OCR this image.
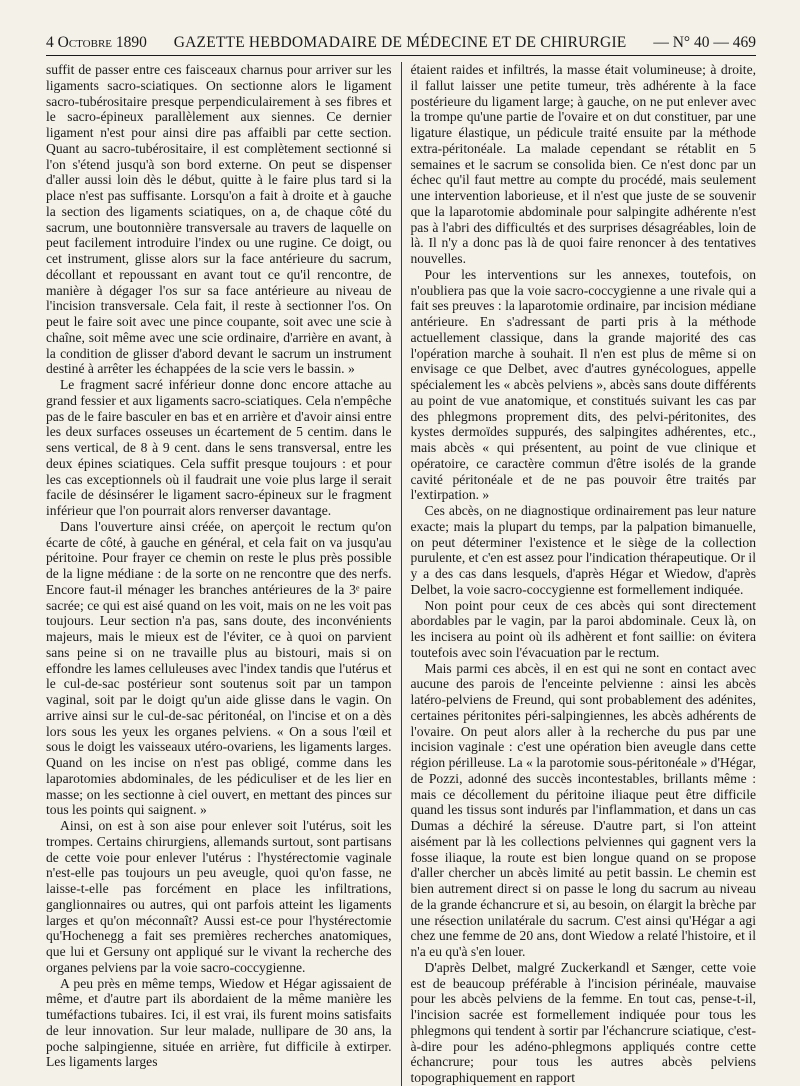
4 Octobre 1890 GAZETTE HEBDOMADAIRE DE MÉDECINE ET DE CHIRURGIE — N° 40 — 469

suffit de passer entre ces faisceaux charnus pour arriver sur les ligaments sacro-sciatiques. On sectionne alors le ligament sacro-tubérositaire presque perpendiculairement à ses fibres et le sacro-épineux parallèlement aux siennes. Ce dernier ligament n'est pour ainsi dire pas affaibli par cette section. Quant au sacro-tubérositaire, il est complètement sectionné si l'on s'étend jusqu'à son bord externe. On peut se dispenser d'aller aussi loin dès le début, quitte à le faire plus tard si la place n'est pas suffisante. Lorsqu'on a fait à droite et à gauche la section des ligaments sciatiques, on a, de chaque côté du sacrum, une boutonnière transversale au travers de laquelle on peut facilement introduire l'index ou une rugine. Ce doigt, ou cet instrument, glisse alors sur la face antérieure du sacrum, décollant et repoussant en avant tout ce qu'il rencontre, de manière à dégager l'os sur sa face antérieure au niveau de l'incision transversale. Cela fait, il reste à sectionner l'os. On peut le faire soit avec une pince coupante, soit avec une scie à chaîne, soit même avec une scie ordinaire, d'arrière en avant, à la condition de glisser d'abord devant le sacrum un instrument destiné à arrêter les échappées de la scie vers le bassin. »

Le fragment sacré inférieur donne donc encore attache au grand fessier et aux ligaments sacro-sciatiques. Cela n'empêche pas de le faire basculer en bas et en arrière et d'avoir ainsi entre les deux surfaces osseuses un écartement de 5 centim. dans le sens vertical, de 8 à 9 cent. dans le sens transversal, entre les deux épines sciatiques. Cela suffit presque toujours : et pour les cas exceptionnels où il faudrait une voie plus large il serait facile de désinsérer le ligament sacro-épineux sur le fragment inférieur que l'on pourrait alors renverser davantage.

Dans l'ouverture ainsi créée, on aperçoit le rectum qu'on écarte de côté, à gauche en général, et cela fait on va jusqu'au péritoine. Pour frayer ce chemin on reste le plus près possible de la ligne médiane : de la sorte on ne rencontre que des nerfs. Encore faut-il ménager les branches antérieures de la 3ᵉ paire sacrée; ce qui est aisé quand on les voit, mais on ne les voit pas toujours. Leur section n'a pas, sans doute, des inconvénients majeurs, mais le mieux est de l'éviter, ce à quoi on parvient sans peine si on ne travaille plus au bistouri, mais si on effondre les lames celluleuses avec l'index tandis que l'utérus et le cul-de-sac postérieur sont soutenus soit par un tampon vaginal, soit par le doigt qu'un aide glisse dans le vagin. On arrive ainsi sur le cul-de-sac péritonéal, on l'incise et on a dès lors sous les yeux les organes pelviens. « On a sous l'œil et sous le doigt les vaisseaux utéro-ovariens, les ligaments larges. Quand on les incise on n'est pas obligé, comme dans les laparotomies abdominales, de les pédiculiser et de les lier en masse; on les sectionne à ciel ouvert, en mettant des pinces sur tous les points qui saignent. »

Ainsi, on est à son aise pour enlever soit l'utérus, soit les trompes. Certains chirurgiens, allemands surtout, sont partisans de cette voie pour enlever l'utérus : l'hystérectomie vaginale n'est-elle pas toujours un peu aveugle, quoi qu'on fasse, ne laisse-t-elle pas forcément en place les infiltrations, ganglionnaires ou autres, qui ont parfois atteint les ligaments larges et qu'on méconnaît? Aussi est-ce pour l'hystérectomie qu'Hochenegg a fait ses premières recherches anatomiques, que lui et Gersuny ont appliqué sur le vivant la recherche des organes pelviens par la voie sacro-coccygienne.

A peu près en même temps, Wiedow et Hégar agissaient de même, et d'autre part ils abordaient de la même manière les tuméfactions tubaires. Ici, il est vrai, ils furent moins satisfaits de leur innovation. Sur leur malade, nullipare de 30 ans, la poche salpingienne, située en arrière, fut difficile à extirper. Les ligaments larges

étaient raides et infiltrés, la masse était volumineuse; à droite, il fallut laisser une petite tumeur, très adhérente à la face postérieure du ligament large; à gauche, on ne put enlever avec la trompe qu'une partie de l'ovaire et on dut constituer, par une ligature élastique, un pédicule traité ensuite par la méthode extra-péritonéale. La malade cependant se rétablit en 5 semaines et le sacrum se consolida bien. Ce n'est donc par un échec qu'il faut mettre au compte du procédé, mais seulement une intervention laborieuse, et il n'est que juste de se souvenir que la laparotomie abdominale pour salpingite adhérente n'est pas à l'abri des difficultés et des surprises désagréables, loin de là. Il n'y a donc pas là de quoi faire renoncer à des tentatives nouvelles.

Pour les interventions sur les annexes, toutefois, on n'oubliera pas que la voie sacro-coccygienne a une rivale qui a fait ses preuves : la laparotomie ordinaire, par incision médiane antérieure. En s'adressant de parti pris à la méthode actuellement classique, dans la grande majorité des cas l'opération marche à souhait. Il n'en est plus de même si on envisage ce que Delbet, avec d'autres gynécologues, appelle spécialement les « abcès pelviens », abcès sans doute différents au point de vue anatomique, et constitués suivant les cas par des phlegmons proprement dits, des pelvi-péritonites, des kystes dermoïdes suppurés, des salpingites adhérentes, etc., mais abcès « qui présentent, au point de vue clinique et opératoire, ce caractère commun d'être isolés de la grande cavité péritonéale et de ne pas pouvoir être traités par l'extirpation. »

Ces abcès, on ne diagnostique ordinairement pas leur nature exacte; mais la plupart du temps, par la palpation bimanuelle, on peut déterminer l'existence et le siège de la collection purulente, et c'en est assez pour l'indication thérapeutique. Or il y a des cas dans lesquels, d'après Hégar et Wiedow, d'après Delbet, la voie sacro-coccygienne est formellement indiquée.

Non point pour ceux de ces abcès qui sont directement abordables par le vagin, par la paroi abdominale. Ceux là, on les incisera au point où ils adhèrent et font saillie: on évitera toutefois avec soin l'évacuation par le rectum.

Mais parmi ces abcès, il en est qui ne sont en contact avec aucune des parois de l'enceinte pelvienne : ainsi les abcès latéro-pelviens de Freund, qui sont probablement des adénites, certaines péritonites péri-salpingiennes, les abcès adhérents de l'ovaire. On peut alors aller à la recherche du pus par une incision vaginale : c'est une opération bien aveugle dans cette région périlleuse. La « la parotomie sous-péritonéale » d'Hégar, de Pozzi, adonné des succès incontestables, brillants même : mais ce décollement du péritoine iliaque peut être difficile quand les tissus sont indurés par l'inflammation, et dans un cas Dumas a déchiré la séreuse. D'autre part, si l'on atteint aisément par là les collections pelviennes qui gagnent vers la fosse iliaque, la route est bien longue quand on se propose d'aller chercher un abcès limité au petit bassin. Le chemin est bien autrement direct si on passe le long du sacrum au niveau de la grande échancrure et si, au besoin, on élargit la brèche par une résection unilatérale du sacrum. C'est ainsi qu'Hégar a agi chez une femme de 20 ans, dont Wiedow a relaté l'histoire, et il n'a eu qu'à s'en louer.

D'après Delbet, malgré Zuckerkandl et Sænger, cette voie est de beaucoup préférable à l'incision périnéale, mauvaise pour les abcès pelviens de la femme. En tout cas, pense-t-il, l'incision sacrée est formellement indiquée pour tous les phlegmons qui tendent à sortir par l'échancrure sciatique, c'est-à-dire pour les adéno-phlegmons appliqués contre cette échancrure; pour tous les autres abcès pelviens topographiquement en rapport
